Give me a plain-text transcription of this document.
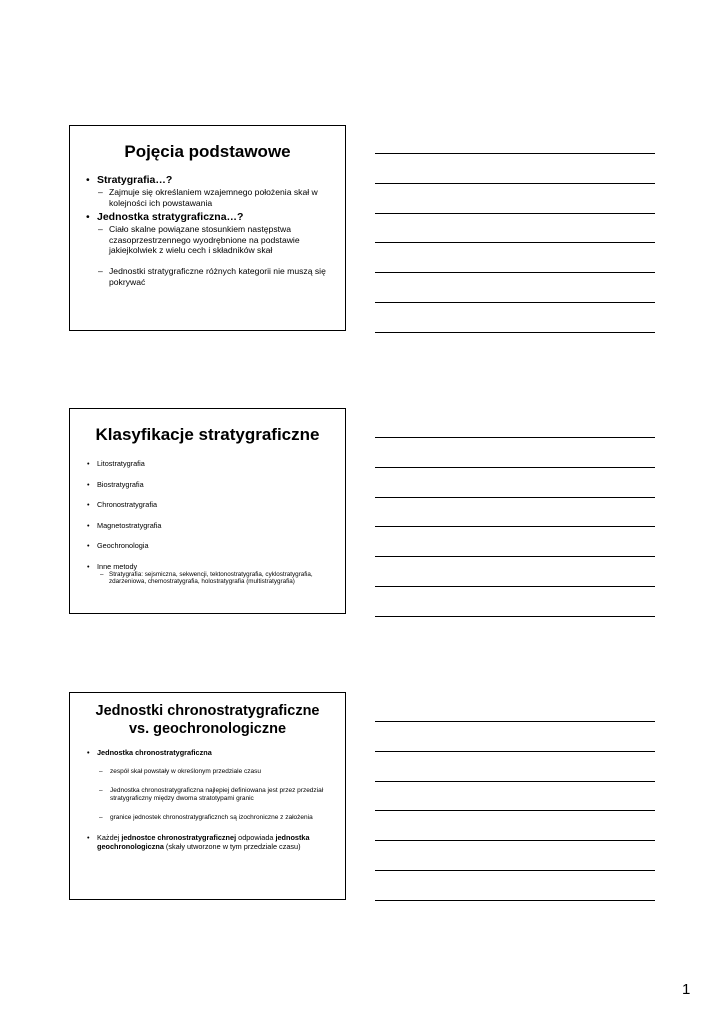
Pojęcia podstawowe
• Stratygrafia…?
– Zajmuje się określaniem wzajemnego położenia skał w kolejności ich powstawania
• Jednostka stratygraficzna…?
– Ciało skalne powiązane stosunkiem następstwa czasoprzestrzennego wyodrębnione na podstawie jakiejkolwiek z wielu cech i składników skał
– Jednostki stratygraficzne różnych kategorii nie muszą się pokrywać
Klasyfikacje stratygraficzne
• Litostratygrafia
• Biostratygrafia
• Chronostratygrafia
• Magnetostratygrafia
• Geochronologia
• Inne metody
– Stratygrafia: sejsmiczna, sekwencji, tektonostratygrafia, cyklostratygrafia, zdarzeniowa, chemostratygrafia, holostratygrafia (multistratygrafia)
Jednostki chronostratygraficzne
vs. geochronologiczne
• Jednostka chronostratygraficzna
– zespół skał powstały w określonym przedziale czasu
– Jednostka chronostratygraficzna najlepiej definiowana jest przez przedział stratygraficzny między dwoma stratotypami granic
– granice jednostek chronostratygraficznch są izochroniczne z założenia
• Każdej jednostce chronostratygraficznej odpowiada jednostka geochronologiczna (skały utworzone w tym przedziale czasu)
1
